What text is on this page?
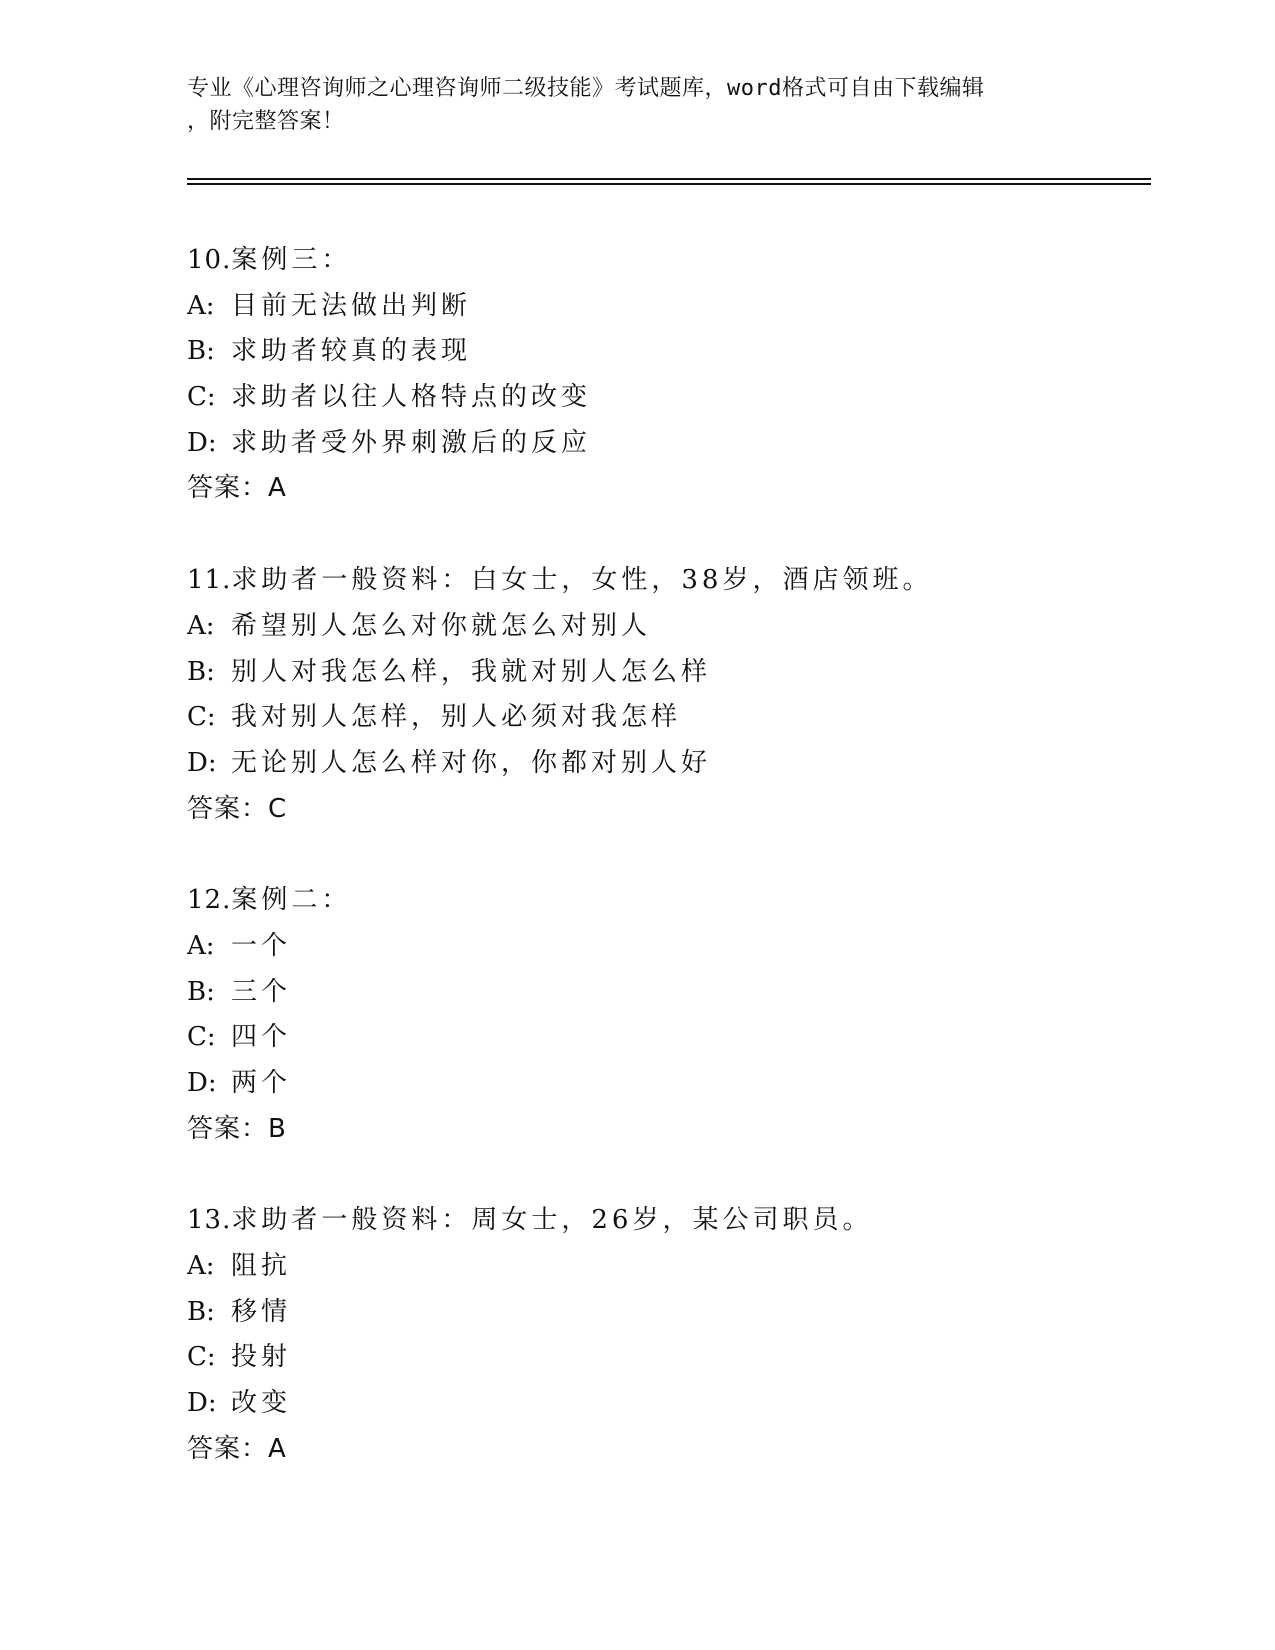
专业《心理咨询师之心理咨询师二级技能》考试题库，word格式可自由下载编辑
，附完整答案！
10.案例三：
A: 目前无法做出判断
B: 求助者较真的表现
C: 求助者以往人格特点的改变
D: 求助者受外界刺激后的反应
答案：A
11.求助者一般资料：白女士，女性，38岁，酒店领班。
A: 希望别人怎么对你就怎么对别人
B: 别人对我怎么样，我就对别人怎么样
C: 我对别人怎样，别人必须对我怎样
D: 无论别人怎么样对你，你都对别人好
答案：C
12.案例二：
A: 一个
B: 三个
C: 四个
D: 两个
答案：B
13.求助者一般资料：周女士，26岁，某公司职员。
A: 阻抗
B: 移情
C: 投射
D: 改变
答案：A
